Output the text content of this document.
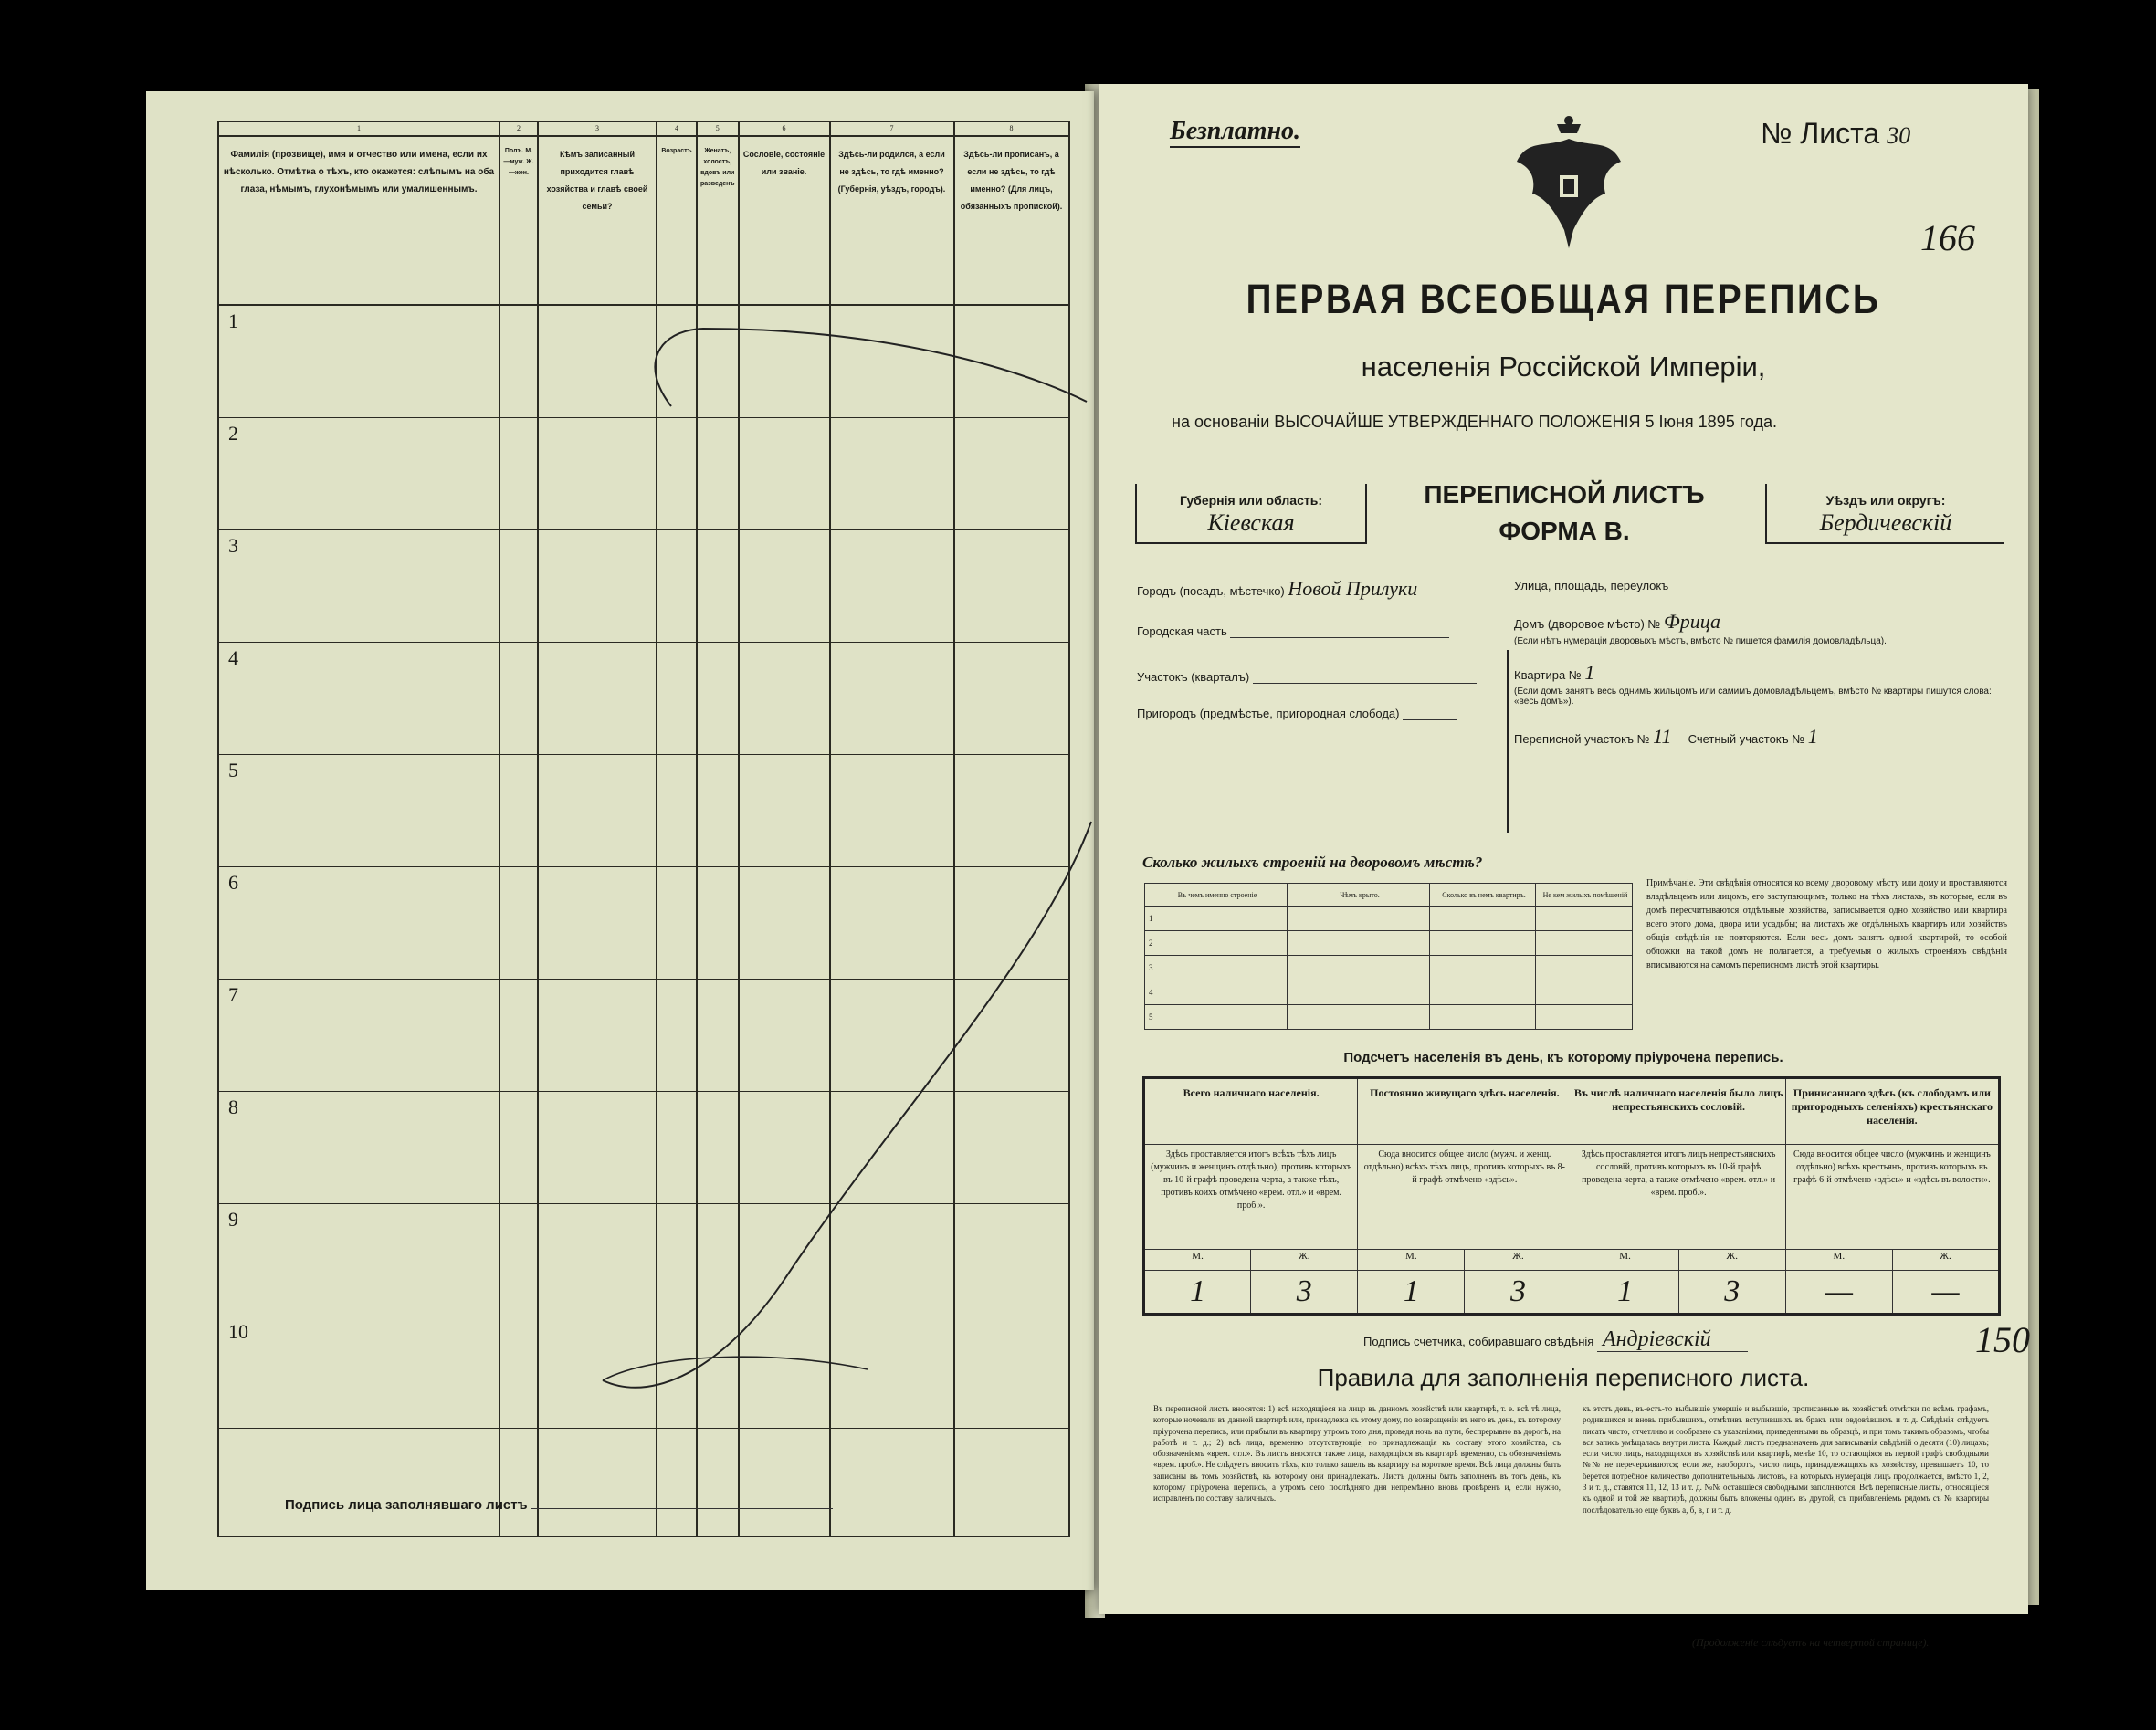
1	2	3	4	5	6	7	8
Фамилія (прозвище), имя и отчество или имена, если их нѣсколько. Отмѣтка о тѣхъ, кто окажется: слѣпымъ на оба глаза, нѣмымъ, глухонѣмымъ или умалишеннымъ.	Полъ. М.—муж. Ж.—жен.	Кѣмъ записанный приходится главѣ хозяйства и главѣ своей семьи?	Возрастъ	Женатъ, холостъ, вдовъ или разведенъ	Сословіе, состояніе или званіе.	Здѣсь-ли родился, а если не здѣсь, то гдѣ именно? (Губернія, уѣздъ, городъ).	Здѣсь-ли прописанъ, а если не здѣсь, то гдѣ именно? (Для лицъ, обязанныхъ пропиской).
1							
2							
3							
4							
5							
6							
7							
8							
9							
10							

Подпись лица заполнявшаго листъ
Безплатно.	№ Листа 30
166
ПЕРВАЯ ВСЕОБЩАЯ ПЕРЕПИСЬ
населенія Россійской Имперіи,
на основаніи ВЫСОЧАЙШЕ УТВЕРЖДЕННАГО ПОЛОЖЕНІЯ 5 Іюня 1895 года.
Губернія или область:
Кіевская
ПЕРЕПИСНОЙ ЛИСТЪ
ФОРМА В.
Уѣздъ или округъ:
Бердичевскій
Городъ (посадъ, мѣстечко) Новой Прилуки
Городская часть
Участокъ (кварталъ)
Пригородъ (предмѣстье, пригородная слобода)
Улица, площадь, переулокъ
Домъ (дворовое мѣсто) № Фрица
(Если нѣтъ нумераціи дворовыхъ мѣстъ, вмѣсто № пишется фамилія домовладѣльца).
Квартира № 1
(Если домъ занятъ весь однимъ жильцомъ или самимъ домовладѣльцемъ, вмѣсто № квартиры пишутся слова: «весь домъ»).
Переписной участокъ № 11 Счетный участокъ № 1
Сколько жилыхъ строеній на дворовомъ мѣстѣ?
Въ чемъ именно строеніе	Чѣмъ крыто.	Сколько въ немъ квартиръ.	Не кем жилыхъ помѣщеній
1			
2			
3			
4			
5			
Примѣчаніе. Эти свѣдѣнія относятся ко всему дворовому мѣсту или дому и проставляются владѣльцемъ или лицомъ, его заступающимъ, только на тѣхъ листахъ, въ которые, если въ домѣ пересчитываются отдѣльные хозяйства, записывается одно хозяйство или квартира всего этого дома, двора или усадьбы; на листахъ же отдѣльныхъ квартиръ или хозяйствъ общія свѣдѣнія не повторяются. Если весь домъ занятъ одной квартирой, то особой обложки на такой домъ не полагается, а требуемыя о жилыхъ строеніяхъ свѣдѣнія вписываются на самомъ переписномъ листѣ этой квартиры.
Подсчетъ населенія въ день, къ которому пріурочена перепись.
Всего наличнаго населенія.		Постоянно живущаго здѣсь населенія.		Въ числѣ наличнаго населенія было лицъ непрестьянскихъ сословій.		Принисаннаго здѣсь (къ слободамъ или пригородныхъ селеніяхъ) крестьянскаго населенія.	
Здѣсь проставляется итогъ всѣхъ тѣхъ лицъ (мужчинъ и женщинъ отдѣльно), противъ которыхъ въ 10-й графѣ проведена черта, а также тѣхъ, противъ коихъ отмѣчено «врем. отл.» и «врем. проб.».		Сюда вносится общее число (мужч. и женщ. отдѣльно) всѣхъ тѣхъ лицъ, противъ которыхъ въ 8-й графѣ отмѣчено «здѣсь».		Здѣсь проставляется итогъ лицъ непрестьянскихъ сословій, противъ которыхъ въ 10-й графѣ проведена черта, а также отмѣчено «врем. отл.» и «врем. проб.».		Сюда вносится общее число (мужчинъ и женщинъ отдѣльно) всѣхъ крестьянъ, противъ которыхъ въ графѣ 6-й отмѣчено «здѣсь» и «здѣсь въ волости».	
М.	Ж.	М.	Ж.	М.	Ж.	М.	Ж.
1	3	1	3	1	3	—	—
Подпись счетчика, собиравшаго свѣдѣнія Андріевскій	150
Правила для заполненія переписного листа.
Въ переписной листъ вносятся: 1) всѣ находящіеся на лицо въ данномъ хозяйствѣ или квартирѣ, т. е. всѣ тѣ лица, которые ночевали въ данной квартирѣ или, принадлежа къ этому дому, по возвращеніи въ него въ день, къ которому пріурочена перепись, или прибыли въ квартиру утромъ того дня, проведя ночь на пути, беспрерывно въ дорогѣ, на работѣ и т. д.; 2) всѣ лица, временно отсутствующіе, но принадлежащія къ составу этого хозяйства, съ обозначеніемъ «врем. отл.». Въ листъ вносятся также лица, находящіяся въ квартирѣ временно, съ обозначеніемъ «врем. проб.». Не слѣдуетъ вносить тѣхъ, кто только зашелъ въ квартиру на короткое время. Всѣ лица должны быть записаны въ томъ хозяйствѣ, къ которому они принадлежатъ. Листъ должны быть заполненъ въ тотъ день, къ которому пріурочена перепись, а утромъ сего послѣдняго дня непремѣнно вновь провѣренъ и, если нужно, исправленъ по составу наличныхъ.
къ этотъ день, въ-естъ-то выбывшіе умершіе и выбывшіе, прописанные въ хозяйствѣ отмѣтки по всѣмъ графамъ, родившихся и вновь прибывшихъ, отмѣтивъ вступившихъ въ бракъ или овдовѣвшихъ и т. д. Свѣдѣнія слѣдуетъ писать чисто, отчетливо и сообразно съ указаніями, приведенными въ образцѣ, и при томъ такимъ образомъ, чтобы вся запись умѣщалась внутри листа. Каждый листъ предназначенъ для записыванія свѣдѣній о десяти (10) лицахъ; если число лицъ, находящихся въ хозяйствѣ или квартирѣ, менѣе 10, то остающіяся въ первой графѣ свободными №№ не перечеркиваются; если же, наоборотъ, число лицъ, принадлежащихъ къ хозяйству, превышаетъ 10, то берется потребное количество дополнительныхъ листовъ, на которыхъ нумерація лицъ продолжается, вмѣсто 1, 2, 3 и т. д., ставятся 11, 12, 13 и т. д. №№ оставшіеся свободными заполняются. Всѣ переписные листы, относящіеся къ одной и той же квартирѣ, должны быть вложены одинъ въ другой, съ прибавленіемъ рядомъ съ № квартиры послѣдовательно еще буквъ а, б, в, г и т. д.
(Продолженіе слѣдуетъ на четвертой странице).
